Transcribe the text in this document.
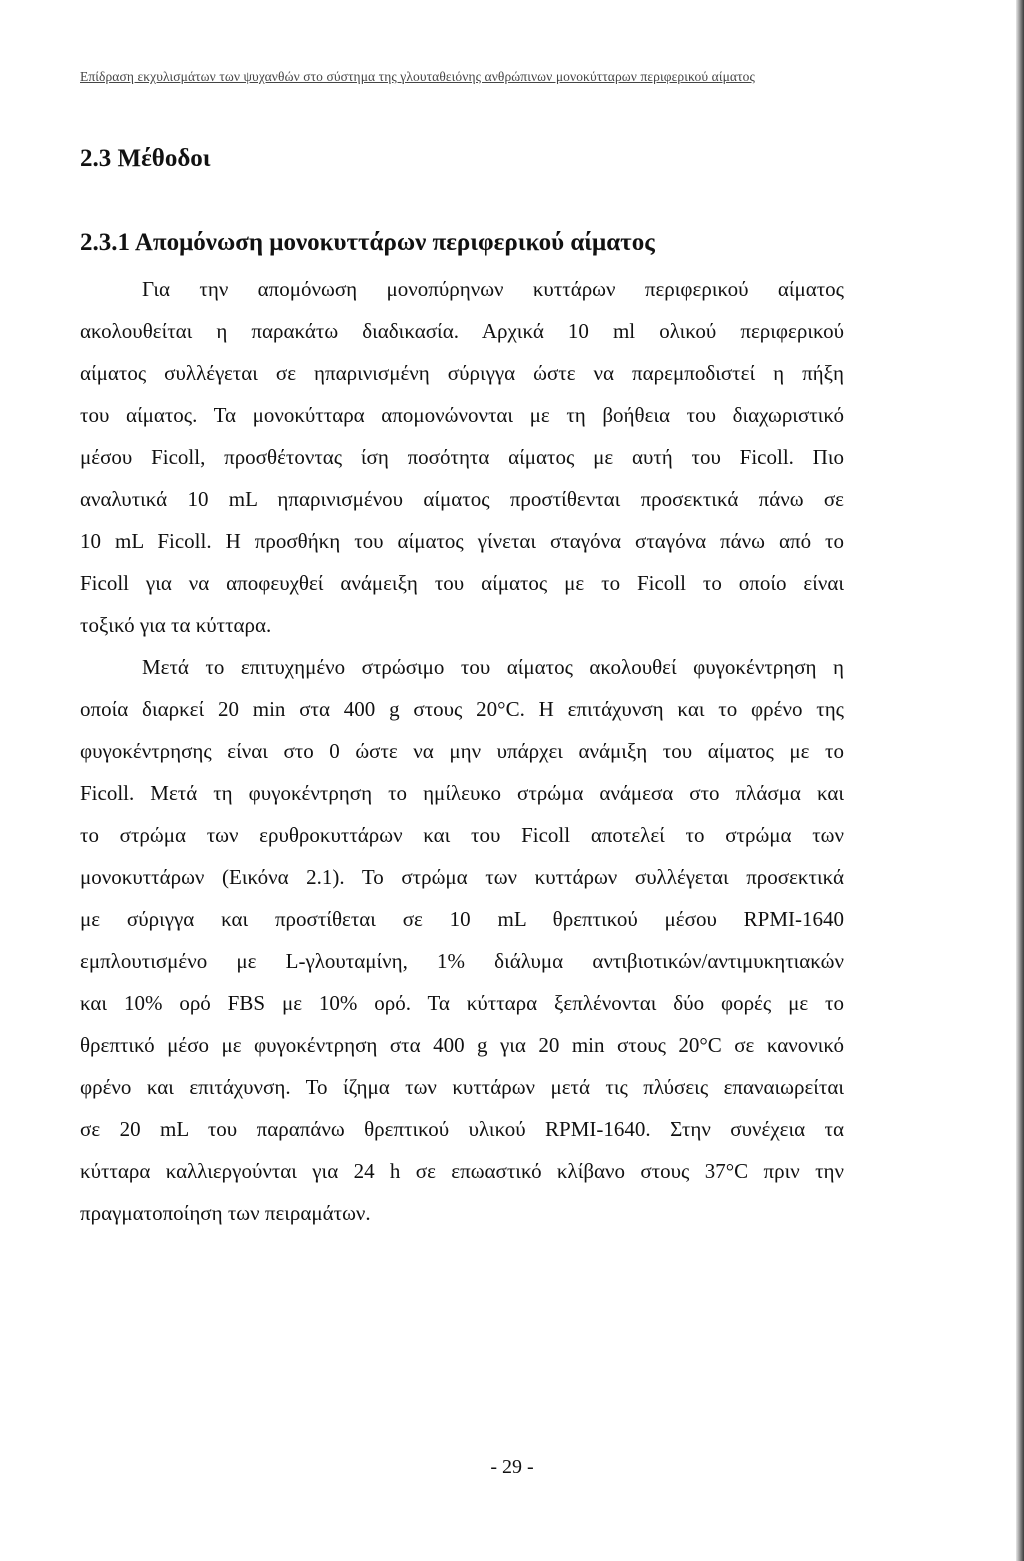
Επίδραση εκχυλισμάτων των ψυχανθών στο σύστημα της γλουταθειόνης ανθρώπινων μονοκύτταρων περιφερικού αίματος
2.3 Μέθοδοι
2.3.1 Απομόνωση μονοκυττάρων περιφερικού αίματος
Για την απομόνωση μονοπύρηνων κυττάρων περιφερικού αίματος
ακολουθείται η παρακάτω διαδικασία. Αρχικά 10 ml ολικού περιφερικού
αίματος συλλέγεται σε ηπαρινισμένη σύριγγα ώστε να παρεμποδιστεί η πήξη
του αίματος. Τα μονοκύτταρα απομονώνονται με τη βοήθεια του διαχωριστικό
μέσου Ficoll, προσθέτοντας ίση ποσότητα αίματος με αυτή του Ficoll. Πιο
αναλυτικά 10 mL ηπαρινισμένου αίματος προστίθενται προσεκτικά πάνω σε
10 mL Ficoll. Η προσθήκη του αίματος γίνεται σταγόνα σταγόνα πάνω από το
Ficoll για να αποφευχθεί ανάμειξη του αίματος με το Ficoll το οποίο είναι
τοξικό για τα κύτταρα.
Μετά το επιτυχημένο στρώσιμο του αίματος ακολουθεί φυγοκέντρηση η
οποία διαρκεί 20 min στα 400 g στους 20°C. Η επιτάχυνση και το φρένο της
φυγοκέντρησης είναι στο 0 ώστε να μην υπάρχει ανάμιξη του αίματος με το
Ficoll. Μετά τη φυγοκέντρηση το ημίλευκο στρώμα ανάμεσα στο πλάσμα και
το στρώμα των ερυθροκυττάρων και του Ficoll αποτελεί το στρώμα των
μονοκυττάρων (Εικόνα 2.1). Το στρώμα των κυττάρων συλλέγεται προσεκτικά
με σύριγγα και προστίθεται σε 10 mL θρεπτικού μέσου RPMI-1640
εμπλουτισμένο με L-γλουταμίνη, 1% διάλυμα αντιβιοτικών/αντιμυκητιακών
και 10% ορό FBS με 10% ορό. Τα κύτταρα ξεπλένονται δύο φορές με το
θρεπτικό μέσο με φυγοκέντρηση στα 400 g για 20 min στους 20°C σε κανονικό
φρένο και επιτάχυνση. Το ίζημα των κυττάρων μετά τις πλύσεις επαναιωρείται
σε 20 mL του παραπάνω θρεπτικού υλικού RPMI-1640. Στην συνέχεια τα
κύτταρα καλλιεργούνται για 24 h σε επωαστικό κλίβανο στους 37°C πριν την
πραγματοποίηση των πειραμάτων.
- 29 -
